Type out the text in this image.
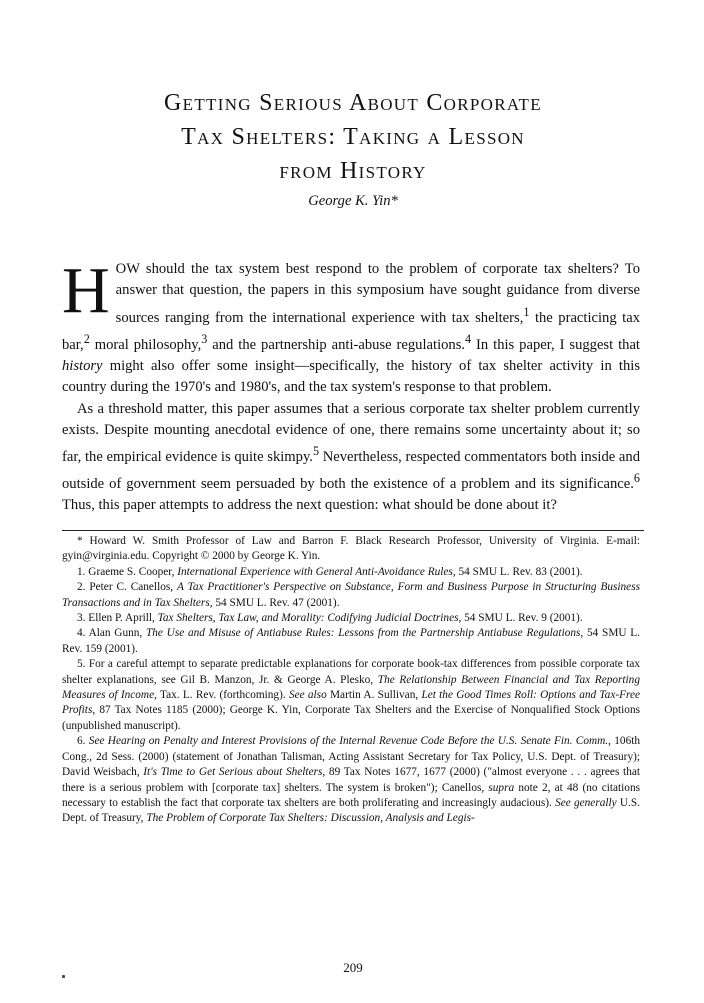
Getting Serious About Corporate
Tax Shelters: Taking a Lesson
from History
George K. Yin*

HOW should the tax system best respond to the problem of corporate tax shelters? To answer that question, the papers in this symposium have sought guidance from diverse sources ranging from the international experience with tax shelters,$^1$ the practicing tax bar,$^2$ moral philosophy,$^3$ and the partnership anti-abuse regulations.$^4$ In this paper, I suggest that history might also offer some insight—specifically, the history of tax shelter activity in this country during the 1970's and 1980's, and the tax system's response to that problem.

As a threshold matter, this paper assumes that a serious corporate tax shelter problem currently exists. Despite mounting anecdotal evidence of one, there remains some uncertainty about it; so far, the empirical evidence is quite skimpy.$^5$ Nevertheless, respected commentators both inside and outside of government seem persuaded by both the existence of a problem and its significance.$^6$ Thus, this paper attempts to address the next question: what should be done about it?

* Howard W. Smith Professor of Law and Barron F. Black Research Professor, University of Virginia. E-mail: gyin@virginia.edu. Copyright © 2000 by George K. Yin.

1. Graeme S. Cooper, International Experience with General Anti-Avoidance Rules, 54 SMU L. Rev. 83 (2001).

2. Peter C. Canellos, A Tax Practitioner's Perspective on Substance, Form and Business Purpose in Structuring Business Transactions and in Tax Shelters, 54 SMU L. Rev. 47 (2001).

3. Ellen P. Aprill, Tax Shelters, Tax Law, and Morality: Codifying Judicial Doctrines, 54 SMU L. Rev. 9 (2001).

4. Alan Gunn, The Use and Misuse of Antiabuse Rules: Lessons from the Partnership Antiabuse Regulations, 54 SMU L. Rev. 159 (2001).

5. For a careful attempt to separate predictable explanations for corporate book-tax differences from possible corporate tax shelter explanations, see Gil B. Manzon, Jr. & George A. Plesko, The Relationship Between Financial and Tax Reporting Measures of Income, Tax. L. Rev. (forthcoming). See also Martin A. Sullivan, Let the Good Times Roll: Options and Tax-Free Profits, 87 Tax Notes 1185 (2000); George K. Yin, Corporate Tax Shelters and the Exercise of Nonqualified Stock Options (unpublished manuscript).

6. See Hearing on Penalty and Interest Provisions of the Internal Revenue Code Before the U.S. Senate Fin. Comm., 106th Cong., 2d Sess. (2000) (statement of Jonathan Talisman, Acting Assistant Secretary for Tax Policy, U.S. Dept. of Treasury); David Weisbach, It's Time to Get Serious about Shelters, 89 Tax Notes 1677, 1677 (2000) ("almost everyone . . . agrees that there is a serious problem with [corporate tax] shelters. The system is broken"); Canellos, supra note 2, at 48 (no citations necessary to establish the fact that corporate tax shelters are both proliferating and increasingly audacious). See generally U.S. Dept. of Treasury, The Problem of Corporate Tax Shelters: Discussion, Analysis and Legis-

209
